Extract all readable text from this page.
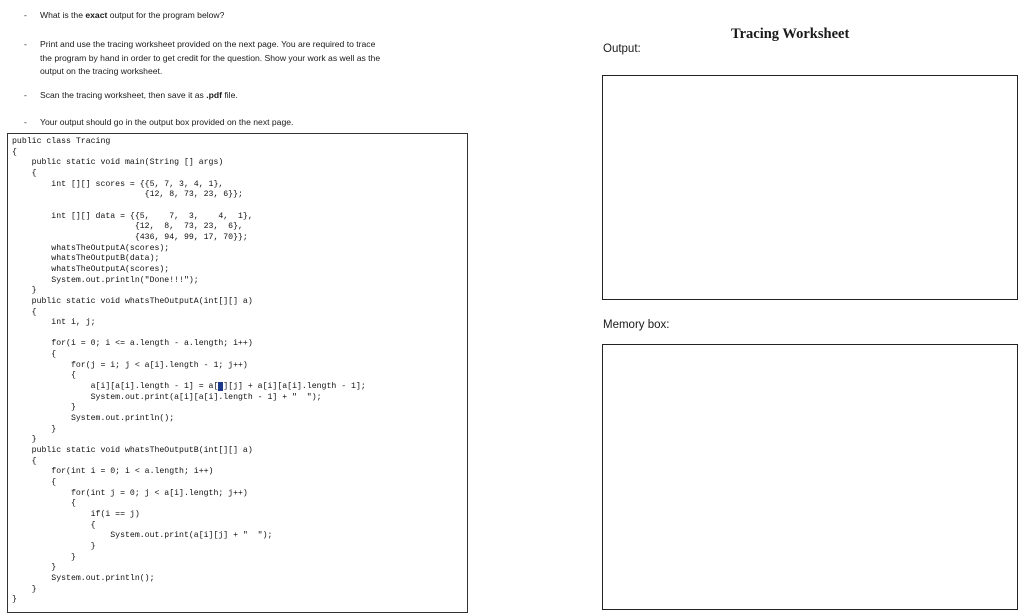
- What is the exact output for the program below?
- Print and use the tracing worksheet provided on the next page. You are required to trace
the program by hand in order to get credit for the question. Show your work as well as the
output on the tracing worksheet.
- Scan the tracing worksheet, then save it as .pdf file.
- Your output should go in the output box provided on the next page.
public class Tracing
{
public static void main(String [] args)
{
int [][] scores = {{5, 7, 3, 4, 1},
{12, 8, 73, 23, 6}};

int [][] data = {{5,    7,  3,    4,  1},
{12,  8,  73, 23,  6},
{436, 94, 99, 17, 70}};
whatsTheOutputA(scores);
whatsTheOutputB(data);
whatsTheOutputA(scores);
System.out.println("Done!!!");
}
public static void whatsTheOutputA(int[][] a)
{
int i, j;

for(i = 0; i <= a.length - a.length; i++)
{
for(j = i; j < a[i].length - 1; j++)
{
a[i][a[i].length - 1] = a[i][j] + a[i][a[i].length - 1];
System.out.print(a[i][a[i].length - 1] + "  ");
}
System.out.println();
}
}
public static void whatsTheOutputB(int[][] a)
{
for(int i = 0; i < a.length; i++)
{
for(int j = 0; j < a[i].length; j++)
{
if(i == j)
{
System.out.print(a[i][j] + "  ");
}
}
}
System.out.println();
}
}
Tracing Worksheet
Output:
Memory box:
